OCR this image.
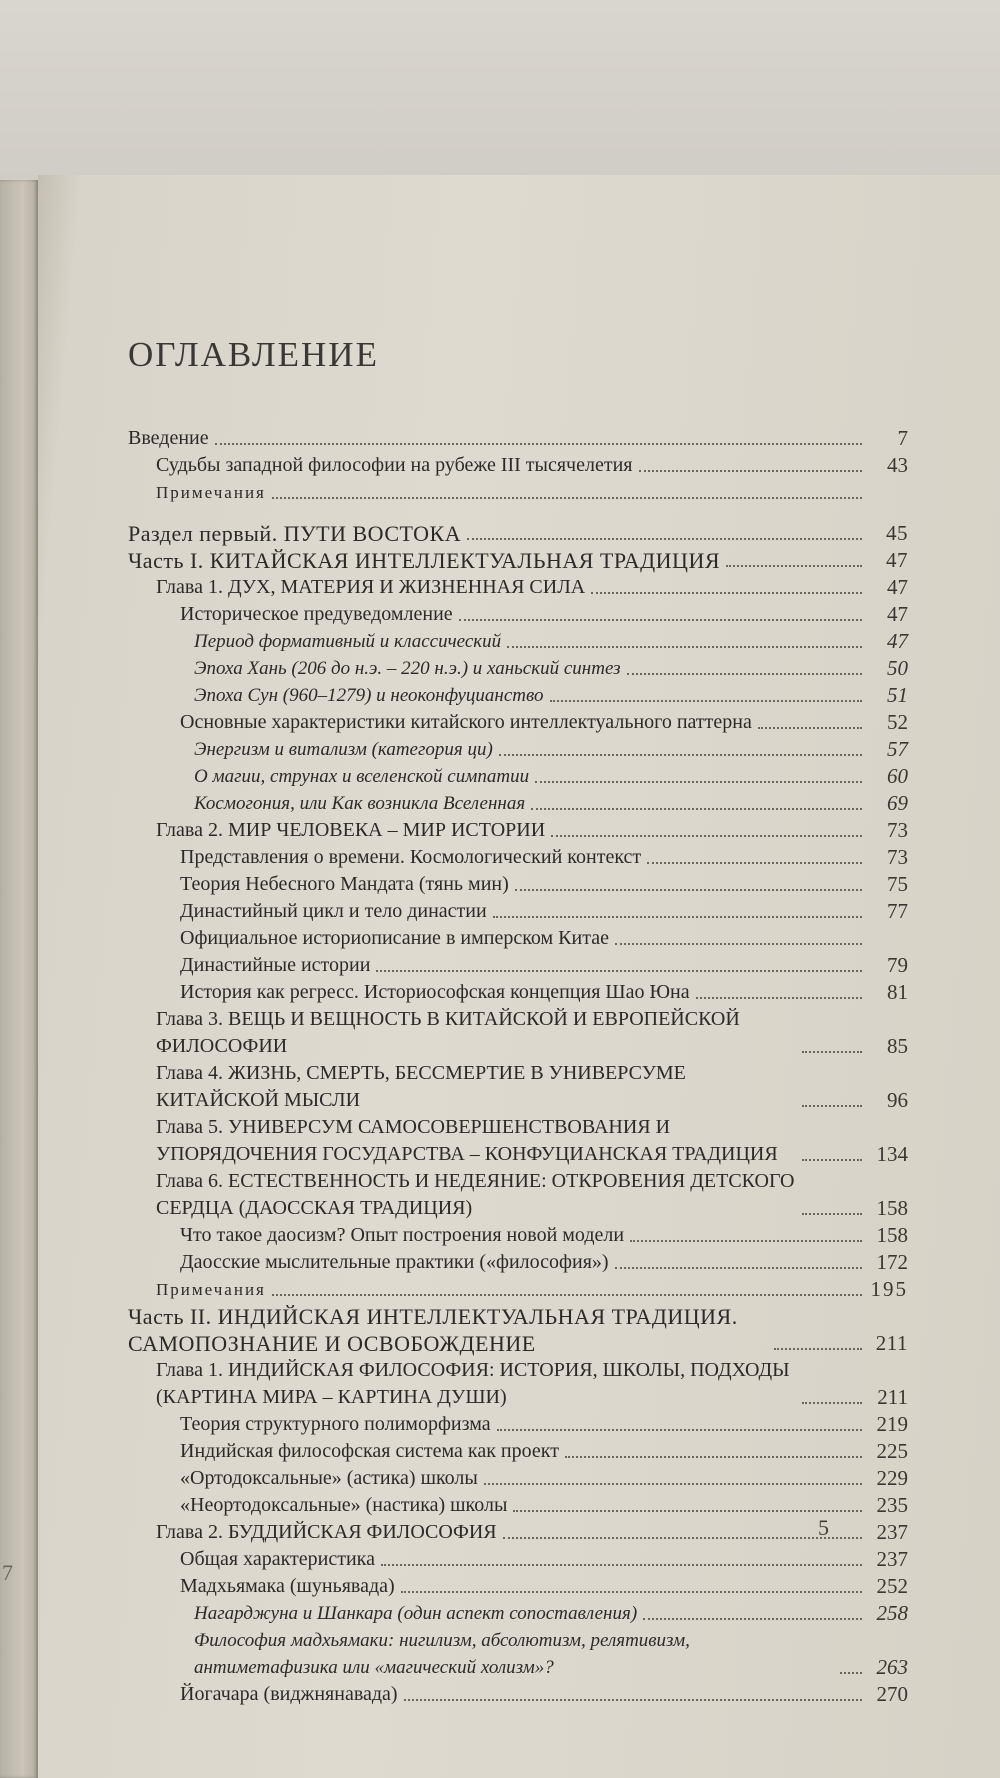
7
ОГЛАВЛЕНИЕ
Введение	7
Судьбы западной философии на рубеже III тысячелетия	43
Примечания
Раздел первый. ПУТИ ВОСТОКА	45
Часть I. КИТАЙСКАЯ ИНТЕЛЛЕКТУАЛЬНАЯ ТРАДИЦИЯ	47
Глава 1. ДУХ, МАТЕРИЯ И ЖИЗНЕННАЯ СИЛА	47
Историческое предуведомление	47
Период формативный и классический	47
Эпоха Хань (206 до н.э. – 220 н.э.) и ханьский синтез	50
Эпоха Сун (960–1279) и неоконфуцианство	51
Основные характеристики китайского интеллектуального паттерна	52
Энергизм и витализм (категория ци)	57
О магии, струнах и вселенской симпатии	60
Космогония, или Как возникла Вселенная	69
Глава 2. МИР ЧЕЛОВЕКА – МИР ИСТОРИИ	73
Представления о времени. Космологический контекст	73
Теория Небесного Мандата (тянь мин)	75
Династийный цикл и тело династии	77
Официальное историописание в имперском Китае
Династийные истории	79
История как регресс. Историософская концепция Шао Юна	81
Глава 3. ВЕЩЬ И ВЕЩНОСТЬ В КИТАЙСКОЙ И ЕВРОПЕЙСКОЙ ФИЛОСОФИИ	85
Глава 4. ЖИЗНЬ, СМЕРТЬ, БЕССМЕРТИЕ В УНИВЕРСУМЕ КИТАЙСКОЙ МЫСЛИ	96
Глава 5. УНИВЕРСУМ САМОСОВЕРШЕНСТВОВАНИЯ И УПОРЯДОЧЕНИЯ ГОСУДАРСТВА – КОНФУЦИАНСКАЯ ТРАДИЦИЯ	134
Глава 6. ЕСТЕСТВЕННОСТЬ И НЕДЕЯНИЕ: ОТКРОВЕНИЯ ДЕТСКОГО СЕРДЦА (ДАОССКАЯ ТРАДИЦИЯ)	158
Что такое даосизм? Опыт построения новой модели	158
Даосские мыслительные практики («философия»)	172
Примечания	195
Часть II. ИНДИЙСКАЯ ИНТЕЛЛЕКТУАЛЬНАЯ ТРАДИЦИЯ. САМОПОЗНАНИЕ И ОСВОБОЖДЕНИЕ	211
Глава 1. ИНДИЙСКАЯ ФИЛОСОФИЯ: ИСТОРИЯ, ШКОЛЫ, ПОДХОДЫ (КАРТИНА МИРА – КАРТИНА ДУШИ)	211
Теория структурного полиморфизма	219
Индийская философская система как проект	225
«Ортодоксальные» (астика) школы	229
«Неортодоксальные» (настика) школы	235
Глава 2. БУДДИЙСКАЯ ФИЛОСОФИЯ	237
Общая характеристика	237
Мадхьямака (шуньявада)	252
Нагарджуна и Шанкара (один аспект сопоставления)	258
Философия мадхьямаки: нигилизм, абсолютизм, релятивизм, антиметафизика или «магический холизм»?	263
Йогачара (виджнянавада)	270
5
